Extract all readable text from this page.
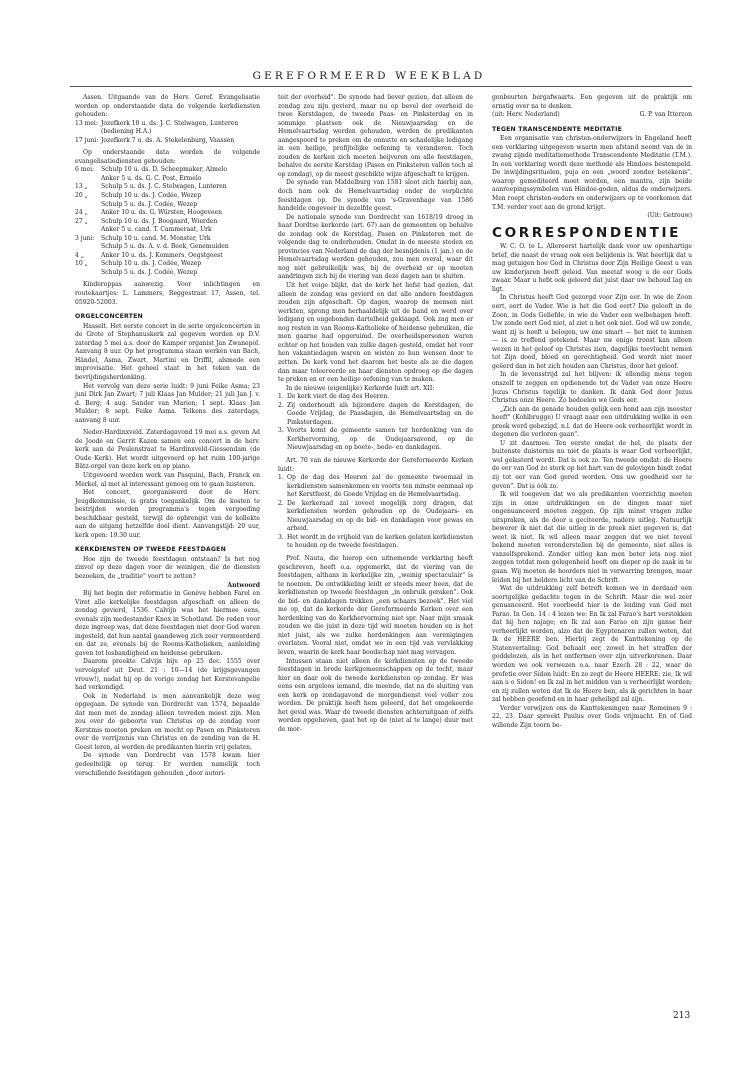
GEREFORMEERD WEEKBLAD

Assen. Uitgaande van de Herv. Geref. Evangelisatie worden op onderstaande data de volgende kerkdiensten gehouden:

13 mei: Jozefkerk 10 u. ds. J. C. Stelwagen, Lunteren (bediening H.A.)
17 juni: Jozefkerk 7 u. ds. A. Stekelenburg, Vaassen

Op onderstaande data worden de volgende evangelisatiediensten gehouden:

6 mei:	Schulp 10 u. ds. D. Scheepmaker, Almelo
Anker 5 u. ds. G. C. Post, Ermelo
13 „	Schulp 5 u. ds. J. C. Stelwagen, Lunteren
20 „	Schulp 10 u. ds. J. Codée, Wezep
Schulp 5 u. ds. J. Codée, Wezep
24 „	Anker 10 u. ds. G. Würsten, Hoogeveen
27 „	Schulp 10 u. ds. J. Boogaard, Wierden
Anker 5 u. cand. T. Cammeraat, Urk
3 juni:	Schulp 10 u. cand. M. Monster, Urk
Schulp 5 u. ds. A. v. d. Beek, Genemuiden
4 „	Anker 10 u. ds. J. Kommers, Oegstgeest
10 „	Schulp 10 u. ds. J. Codée, Wezep
Schulp 5 u. ds. J. Codée, Wezep

Kinderoppas aanwezig. Voor inlichtingen en routekaartjes: L. Lammers, Reggestraat 17, Assen, tel. 05920-52003.

ORGELCONCERTEN

Hasselt. Het eerste concert in de serie orgelconcerten in de Grote of Stephanuskerk zal gegeven worden op D.V. zaterdag 5 mei a.s. door de Kamper organist Jan Zwanepol. Aanvang 8 uur. Op het programma staan werken van Bach, Händel, Asma, Zwart, Martini en Driffil, alsmede een improvisatie. Het geheel staat in het teken van de bevrijdingsherdenking.

Het vervolg van deze serie luidt: 9 juni Feike Asma; 23 juni Dirk Jan Zwart; 7 juli Klaas Jan Mulder; 21 juli Jan J. v. d. Berg; 4 aug. Sander van Marion; 1 sept. Klaas Jan Mulder; 8 sept. Feike Asma. Telkens des zaterdags, aanvang 8 uur.

Neder-Hardinxveld. Zaterdagavond 19 mei a.s. geven Ad de Joode en Gerrit Kazen samen een concert in de herv. kerk aan de Peulenstraat te Hardinxveld-Giessendam (de Oude Kerk). Het wordt uitgevoerd op het ruim 100-jarige Bätz-orgel van deze kerk en op piano.

Uitgevoerd worden werk van Pasquini, Bach, Franck en Merkel, al met al interessant genoeg om te gaan luisteren.

Het concert, georganiseerd door de Herv. Jeugdkommissie, is gratis toegankelijk. Om de kosten te bestrijden worden programma's tegen vergoeding beschikbaar gesteld, terwijl de opbrengst van de kollekte aan de uitgang hetzelfde doel dient. Aanvangstijd: 20 uur, kerk open: 19.30 uur.

KERKDIENSTEN OP TWEEDE FEESTDAGEN

Hoe zijn de tweede feestdagen ontstaan? Is het nog zinvol op deze dagen voor de weinigen, die de diensten bezoeken, de „traditie" voort te zetten?

Antwoord

Bij het begin der reformatie in Genève hebben Farel en Viret alle kerkelijke feestdagen afgeschaft en alleen de zondag gevierd, 1536. Calvijn was het hiermee eens, evenals zijn medestander Knox in Schotland. De reden voor deze ingreep was, dat deze feestdagen niet door God waren ingesteld, dat hun aantal gaandeweg zich zeer vermeerderd en dat ze, evenals bij de Rooms-Katholieken, aanleiding gaven tot losbandigheid en heidense gebruiken.

Daarom preekte Calvijn bijv. op 25 dec. 1555 over vervolgstof uit Deut. 21 : 10—14 (de krijgsgevangen vrouw!), nadat hij op de vorige zondag het Kerstevangelie had verkondigd.

Ook in Nederland is men aanvankelijk deze weg opgegaan. De synode van Dordrecht van 1574, bepaalde dat men met de zondag alleen tevreden moest zijn. Men zou over de geboorte van Christus op de zondag voor Kerstmis moeten preken en mocht op Pasen en Pinksteren over de verrijzenis van Christus en de zending van de H. Geest leren, al werden de predikanten hierin vrij gelaten.

De synode van Dordrecht van 1578 kwam hier gedeeltelijk op terug. Er werden namelijk toch verschillende feestdagen gehouden „door autori-

teit der overheid". De synode had liever gezien, dat alleen de zondag zou zijn gevierd, maar nu op bevel der overheid de twee Kerstdagen, de tweede Paas- en Pinksterdag en in sommige plaatsen ook de Nieuwjaarsdag en de Hemelvaartsdag werden gehouden, werden de predikanten aangespoord te preken om de onnutte en schadelijke ledigang in een heilige, profijtelijke oefening te veranderen. Toch zouden de kerken zich moeten beijveren om alle feestdagen, behalve de eerste Kerstdag (Pasen en Pinksteren vallen toch al op zondag), op de meest geschikte wijze afgeschaft te krijgen.

De synode van Middelburg van 1581 sloot zich hierbij aan, doch nam ook de Hemelvaartsdag onder de verplichte feestdagen op. De synode van 's-Gravenhage van 1586 handelde ongeveer in dezelfde geest.

De nationale synode van Dordrecht van 1618/19 droeg in haar Dordtse kerkorde (art. 67) aan de gemeenten op behalve de zondag ook de Kerstdag, Pasen en Pinksteren met de volgende dag te onderhouden. Omdat in de meeste steden en provincies van Nederland de dag der besnijdenis (1 jan.) en de Hemelvaartsdag werden gehouden, zou men overal, waar dit nog niet gebruikelijk was, bij de overheid er op moeten aandringen zich bij de viering van deze dagen aan te sluiten.

Uit het voige blijkt, dat de kerk het liefst had gezien, dat alleen de zondag was gevierd en dat alle andere feestdagen zouden zijn afgeschaft. Op dagen, waarop de mensen niet werkten, sprong men herhaaldelijk uit de band en werd over ledigang en ongebonden dartelheid geklaagd. Ook zag men er nog resten in van Rooms-Katholieke of heidense gebruiken, die men gaarne had opgeruimd. De overheidspersonen waren echter op het houden van zulke dagen gesteld, omdat het voor hen vakantiedagen waren en wisten zo hun wensen door te zetten. De kerk vond het daarom het beste als ze die dagen dan maar toleereerde en haar diensten opdroeg op die dagen te preken en er een heilige oefening van te maken.

In de nieuwe (eigenlijke) Kerkorde luidt art. XII:

1. De kerk viert de dag des Heeren.
2. Zij onderhoudt als bijzondere dagen de Kerstdagen, de Goede Vrijdag, de Paasdagen, de Hemelvaartsdag en de Pinksterdagen.
3. Voorts komt de gemeente samen ter herdenking van de Kerkhervorming, op de Oudejaarsavond, op de Nieuwjaarsdag en op boete-, bede- en dankdagen.

Art. 70 van de nieuwe Kerkorde der Gereformeerde Kerken luidt:

1. Op de dag des Heeren zal de gemeente tweemaal in kerkdiensten samenkomen en voorts ten minste eenmaal op het Kerstfeest, de Goede Vrijdag en de Hemelvaartsdag.
2. De kerkeraad zal zoveel mogelijk zorg dragen, dat kerkdiensten worden gehouden op de Oudejaars- en Nieuwjaarsdag en op de bid- en dankdagen voor gewas en arbeid.
3. Het wordt in de vrijheid van de kerken gelaten kerkdiensten te houden op de tweede feestdagen.

Prof. Nauta, die hierop een uitnemende verklaring heeft geschreven, heeft o.a. opgemerkt, dat de viering van de feestdagen, althans in kerkelijke zin, „weinig spectaculair" is te noemen. De ontwikkeling leidt er steeds meer heen, dat de kerkdiensten op tweede feestdagen „in onbruik geraken". Ook de bid- en dankdagen trekken „een schaars bezoek". Het viel me op, dat de kerkorde der Gereformeerde Kerken over een herdenking van de Kerkhervorming niet spr. Naar mijn smaak zouden we die juist in deze tijd wél moeten houden en is het niet juist, als we zulke herdenkingen aan verenigingen overlaten. Vooral niet, omdat we in een tijd van vervlakking leven, waarin de kerk haar boodschap niet mag vervagen.

Intussen staan niet alleen de kerkdiensten op de tweede feestdagen in brede kerkgemeenschappen op de tocht, maar hier en daar ook de tweede kerkdiensten op zondag. Er was eens een argeloos iemand, die meende, dat na de sluiting van een kerk op zondagavond de morgendienst veel voller zou worden. De praktijk heeft hem geleerd, dat het omgekeerde het geval was. Waar de tweede diensten achteruitgaan of zelfs worden opgeheven, gaat het op de (niet al te lange) duur met de mor-

genbeurten bergafwaarts. Een gegeven uit de praktijk om ernstig over na te denken.

(uit: Herv. Nederland)	G. P. van Itterzon
TEGEN TRANSCENDENTE MEDITATIE

Een organisatie van christen-onderwijzers in Engeland heeft een verklaring uitgegeven waarin men afstand neemt van de in zwang zijnde meditatiemethode Transcendente Meditatie (T.M.). In een verklaring wordt deze methode als Hindoes bestempeld. De inwijdingsrituelen, puja en een „woord zonder betekenis", waarop gemediteerd moet worden, een mantra, zijn beide aanroepingssymbolen van Hindoe-goden, aldus de onderwijzers. Men roept christen-ouders en onderwijzers op te voorkomen dat T.M. verder voet aan de grond krijgt.

(Uit: Getrouw)

CORRESPONDENTIE

W. C. O. te L. Allereerst hartelijk dank voor uw openhartige brief, die naast de vraag ook een belijdenis is. Wat heerlijk dat u mag getuigen hoe God in Christus door Zijn Heilige Geest u van uw kinderjaren heeft geleid. Van meetaf woog u de eer Gods zwaar. Maar u hebt ook geleerd dat juist daar uw behoud lag en ligt.

In Christus heeft God gezorgd voor Zijn eer. In wie de Zoon eert, eert de Vader. Wie is het die God eert? Die gelooft in de Zoon, in Gods Geliefde, in wie de Vader een welbehagen heeft. Uw zonde eert God niet, al ziet u het ook niet. God wil uw zonde, want zij is heeft u belogen, uw ene smart — het niet te kunnen — is zo treffend getekend. Maar uw enige troost kan alleen wezen in het geloof op Christus zien, dagelijks toevlucht nemen tot Zijn dood, bloed en gerechtigheid. God wordt niet meer geëerd dan in het zich houden aan Christus, door het geloof.

In de levensstrijd zal het blijven: ik ellendig mens tegen onszelf te zeggen en opdienende tot de Vader van onze Heere Jezus Christus tegelijk te danken. Ik dank God door Jezus Christus onze Heere. Zo bedoelen we Gods eer.

„Zich aan de genade houden gelijk een hond aan zijn meester heeft" (Kohlbrugge) U vraagt naar een uitdrukking welke in een preek werd gebezigd, n.l. dat de Heere ook verheerlijkt wordt in degenen die verloren gaan".

U zit daarmee. Ten eerste omdat de hel, de plaats der buitenste duisternis nu niet de plaats is waar God verheerlijkt, wel gelasterd wordt. Dat is ook zo. Ten tweede omdat: de Heere de eer van God zo sterk op het hart van de gelovigen bindt zodat zij tot eer van God gered worden. Ons uw goedheid eer te geven". Dat is óók zo.

Ik wil toegeven dat we als predikanten voorzichtig moeten zijn in onze uitdrukkingen en de dingen maar niet ongenuanceerd moeten zeggen. Op zijn minst vragen zulke uitspraken, als de door u geciteerde, nadere uitleg. Natuurlijk bewerer ik niet dat die uitleg in de preek niet gegeven is, dat weet ik niet. Ik wil alleen maar zeggen dat we niet teveel bekend moeten veronderstellen bij de gemeente, niet alles is vanzelfsprekend. Zonder uitleg kan men beter iets nog niet zeggen totdat men gelegenheid heeft om dieper op de zaak in te gaan. Wij moeten de hoorders niet in verwarring brengen, maar leiden bij het heldere licht van de Schrift.

Wat de uitdrukking zelf betreft komen we in derdaad een soortgelijke gedachte tegen in de Schrift. Maar die wel zeer genuanceerd. Het voorbeeld hier is de leiding van God met Farao. In Gen. 14 : 4 lezen we: En Ik zal Farao's hart verstokken dat hij hen najage; en Ik zal aan Farao en zijn ganse heir verheerlijkt worden, alzo dat de Egyptenaren zullen weten, dat Ik de HEERE ben. Hierbij zegt de Kanttekening op de Statenvertaling: God behaalt eer, zowel in het straffen der goddelozen, als in het ontfermen over zijn uitverkorenen. Daar worden we ook verwezen o.a. naar Ezech 28 : 22, waar de profetie over Sidon luidt: En zo zegt de Heere HEERE: zie, Ik wil aan u o Sidon! en Ik zal in het midden van u verheerlijkt worden; en zij zullen weten dat Ik de Heere ben, als ik gerichten in haar zal hebben geoefend en in haar geheiligd zal zijn.

Verder verwijzen ons de Kanttekeningen naar Romeinen 9 : 22, 23. Daar spreekt Paulus over Gods vrijmacht. En of God willende Zijn toorn be-

213
